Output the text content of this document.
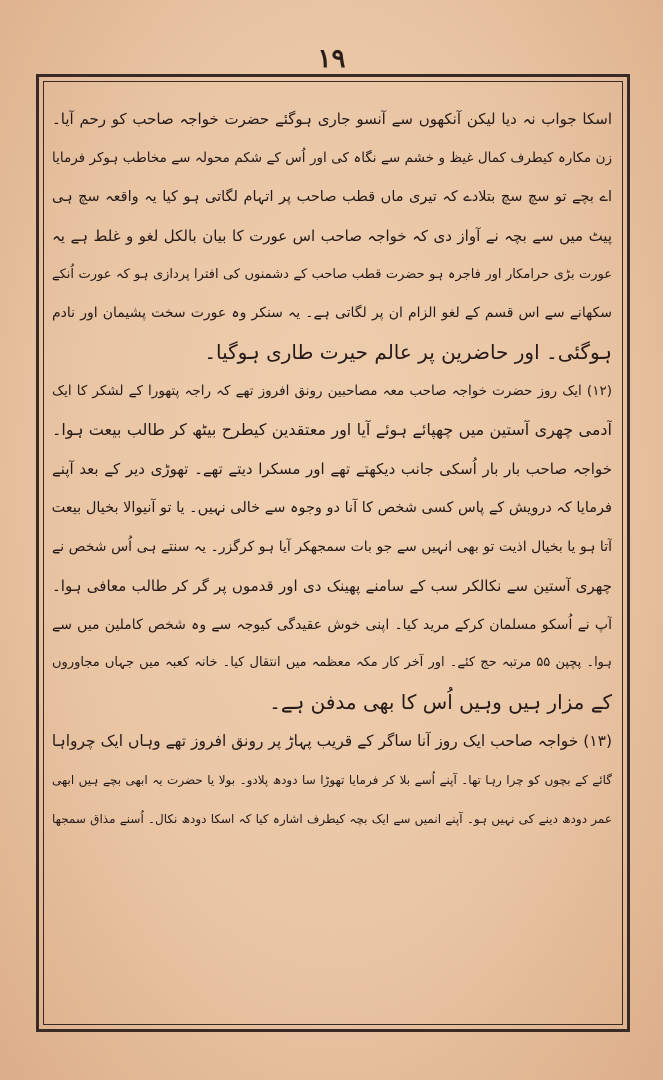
۱۹
اسکا جواب نہ دیا لیکن آنکھوں سے آنسو جاری ہوگئے حضرت خواجہ صاحب کو رحم آیا۔
زن مکارہ کیطرف کمال غیظ و خشم سے نگاہ کی اور اُس کے شکم محولہ سے مخاطب ہوکر فرمایا
اے بچے تو سچ سچ بتلادے کہ تیری ماں قطب صاحب پر اتہام لگاتی ہو کیا یہ واقعہ سچ ہی
پیٹ میں سے بچہ نے آواز دی کہ خواجہ صاحب اس عورت کا بیان بالکل لغو و غلط ہے یہ
عورت بڑی حرامکار اور فاجرہ ہو حضرت قطب صاحب کے دشمنوں کی افترا پردازی ہو کہ عورت اُنکے
سکھانے سے اس قسم کے لغو الزام ان پر لگاتی ہے۔ یہ سنکر وہ عورت سخت پشیمان اور نادم
ہوگئی۔ اور حاضرین پر عالم حیرت طاری ہوگیا۔
(۱۲) ایک روز حضرت خواجہ صاحب معہ مصاحبین رونق افروز تھے کہ راجہ پتھورا کے لشکر کا ایک
آدمی چھری آستین میں چھپائے ہوئے آیا اور معتقدین کیطرح بیٹھ کر طالب بیعت ہوا۔
خواجہ صاحب بار بار اُسکی جانب دیکھتے تھے اور مسکرا دیتے تھے۔ تھوڑی دیر کے بعد آپنے
فرمایا کہ درویش کے پاس کسی شخص کا آنا دو وجوہ سے خالی نہیں۔ یا تو آنیوالا بخیال بیعت
آتا ہو یا بخیال اذیت تو بھی انہیں سے جو بات سمجھکر آیا ہو کرگزر۔ یہ سنتے ہی اُس شخص نے
چھری آستین سے نکالکر سب کے سامنے پھینک دی اور قدموں پر گر کر طالب معافی ہوا۔
آپ نے اُسکو مسلمان کرکے مرید کیا۔ اپنی خوش عقیدگی کیوجہ سے وہ شخص کاملین میں سے
ہوا۔ پچپن ۵۵ مرتبہ حج کئے۔ اور آخر کار مکہ معظمہ میں انتقال کیا۔ خانہ کعبہ میں جہاں مجاوروں
کے مزار ہیں وہیں اُس کا بھی مدفن ہے۔
(۱۳) خواجہ صاحب ایک روز آنا ساگر کے قریب پہاڑ پر رونق افروز تھے وہاں ایک چرواہا
گائے کے بچوں کو چرا رہا تھا۔ آپنے اُسے بلا کر فرمایا تھوڑا سا دودھ پلادو۔ بولا یا حضرت یہ ابھی بچے ہیں ابھی
عمر دودھ دینے کی نہیں ہو۔ آپنے انمیں سے ایک بچہ کیطرف اشارہ کیا کہ اسکا دودھ نکال۔ اُسنے مذاق سمجھا
